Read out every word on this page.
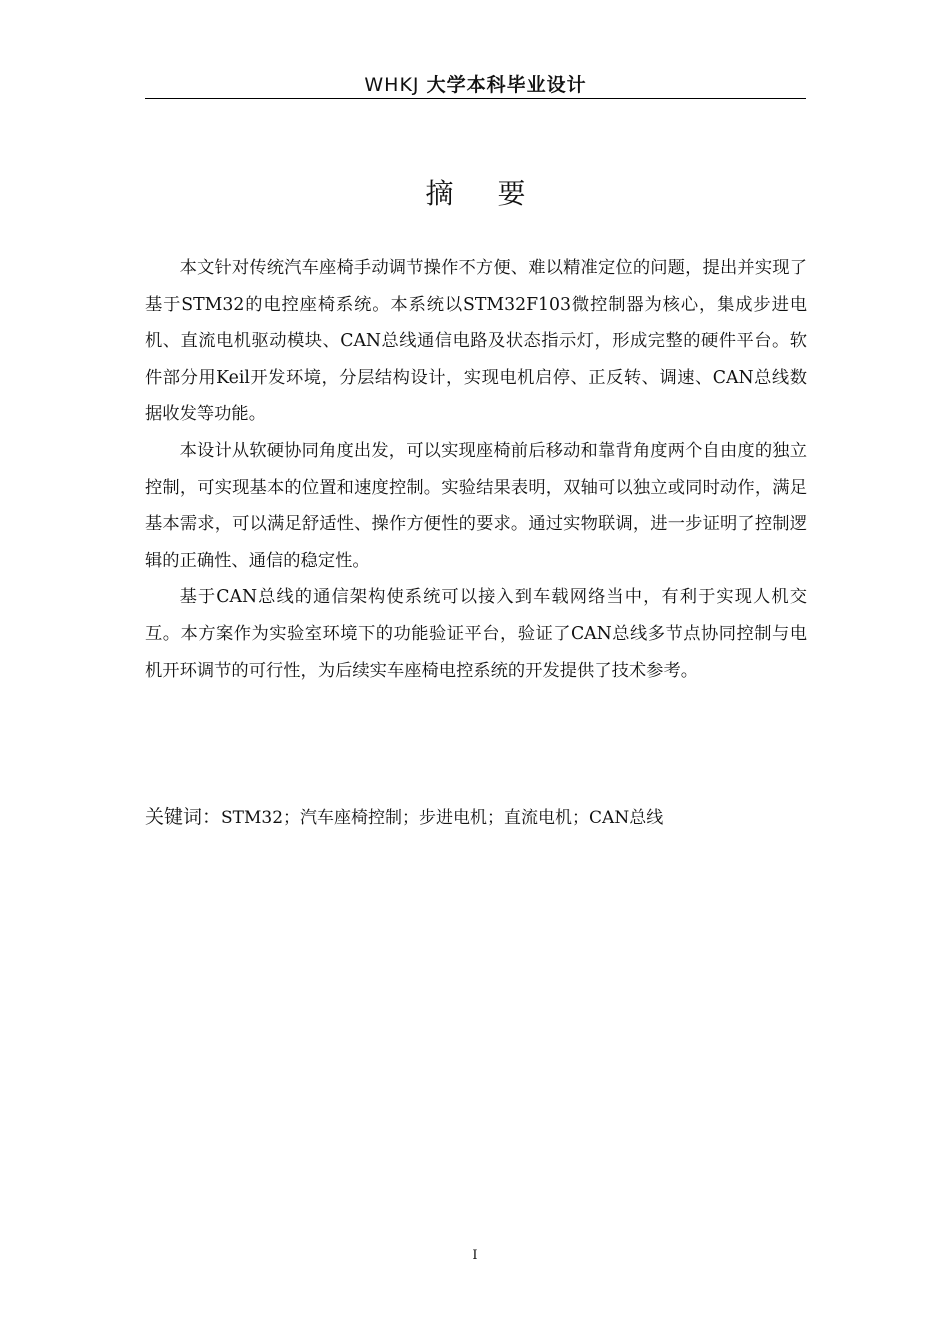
WHKJ 大学本科毕业设计
摘要

本文针对传统汽车座椅手动调节操作不方便、难以精准定位的问题，提出并实现了基于STM32的电控座椅系统。本系统以STM32F103微控制器为核心，集成步进电机、直流电机驱动模块、CAN总线通信电路及状态指示灯，形成完整的硬件平台。软件部分用Keil开发环境，分层结构设计，实现电机启停、正反转、调速、CAN总线数据收发等功能。

本设计从软硬协同角度出发，可以实现座椅前后移动和靠背角度两个自由度的独立控制，可实现基本的位置和速度控制。实验结果表明，双轴可以独立或同时动作，满足基本需求，可以满足舒适性、操作方便性的要求。通过实物联调，进一步证明了控制逻辑的正确性、通信的稳定性。

基于CAN总线的通信架构使系统可以接入到车载网络当中，有利于实现人机交互。本方案作为实验室环境下的功能验证平台，验证了CAN总线多节点协同控制与电机开环调节的可行性，为后续实车座椅电控系统的开发提供了技术参考。

关键词：STM32；汽车座椅控制；步进电机；直流电机；CAN总线
I
